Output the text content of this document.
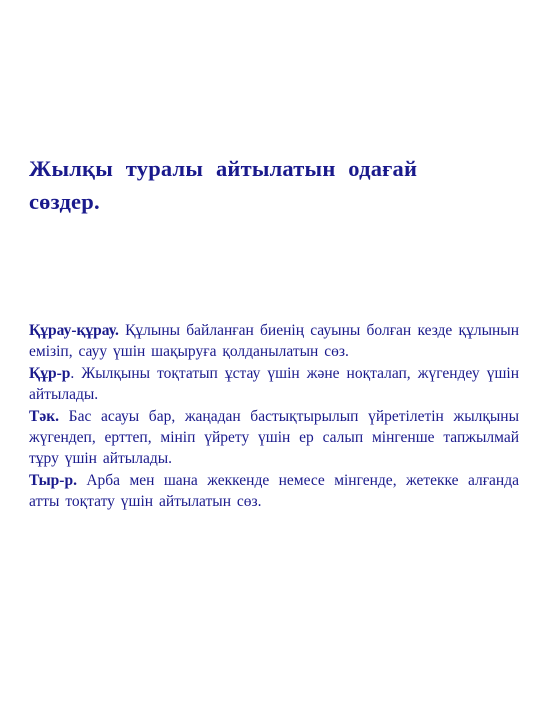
Жылқы туралы айтылатын одағай сөздер.

Құрау-құрау. Құлыны байланған биенің сауыны болған кезде құлынын емізіп, сауу үшін шақыруға қолданылатын сөз.

Құр-р. Жылқыны тоқтатып ұстау үшін және ноқталап, жүгендеу үшін айтылады.

Тәк. Бас асауы бар, жаңадан бастықтырылып үйретілетін жылқыны жүгендеп, ерттеп, мініп үйрету үшін ер салып мінгенше тапжылмай тұру үшін айтылады.

Тыр-р. Арба мен шана жеккенде немесе мінгенде, жетекке алғанда атты тоқтату үшін айтылатын сөз.
